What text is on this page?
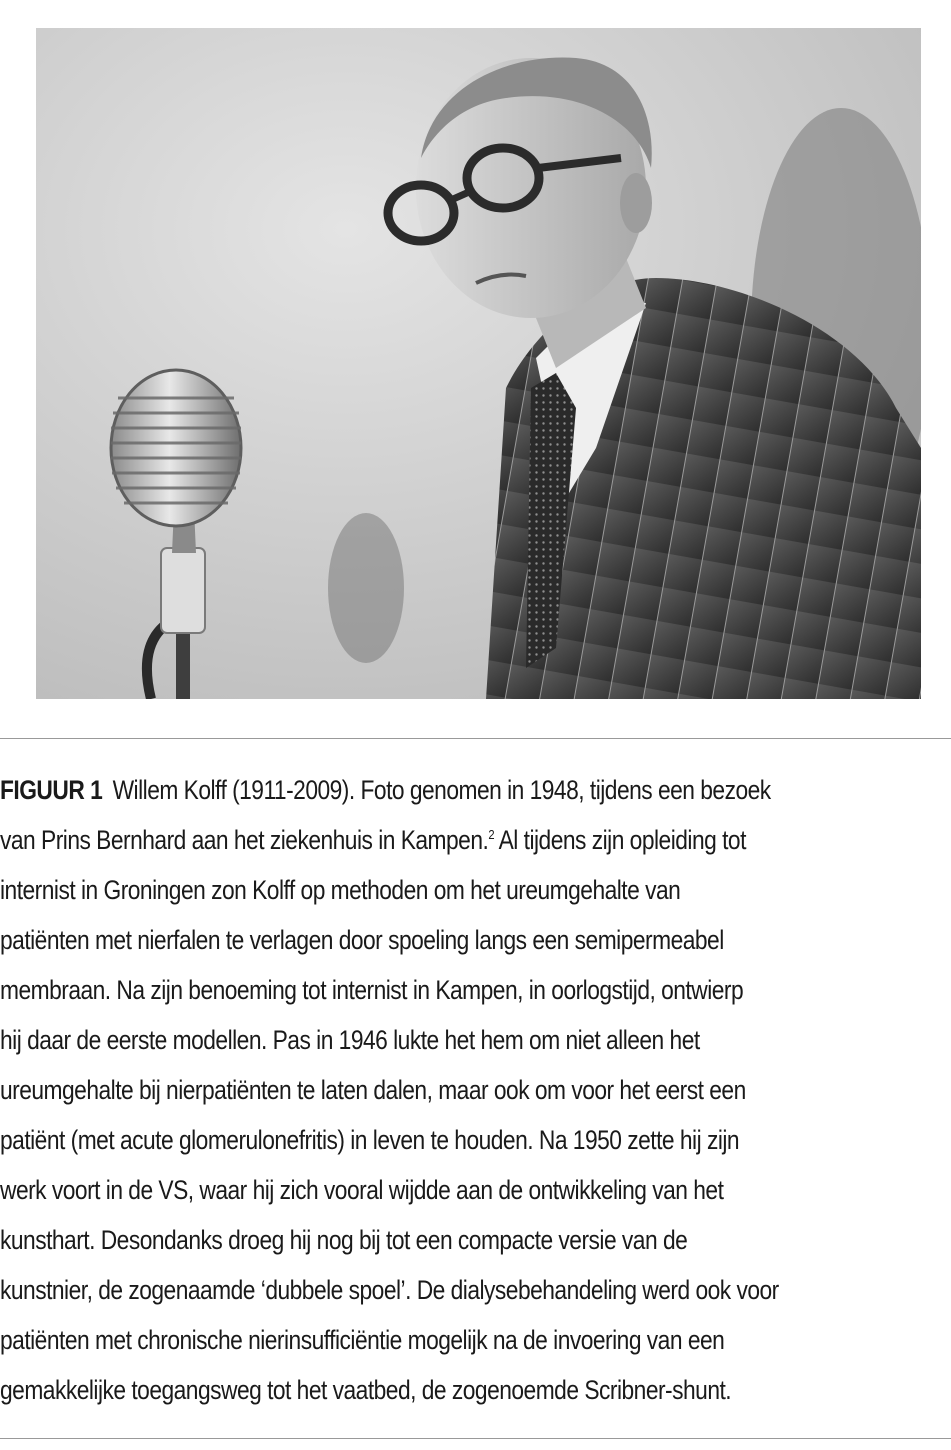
FIGUUR 1 Willem Kolff (1911-2009). Foto genomen in 1948, tijdens een bezoek
van Prins Bernhard aan het ziekenhuis in Kampen.$^2$ Al tijdens zijn opleiding tot
internist in Groningen zon Kolff op methoden om het ureumgehalte van
patiënten met nierfalen te verlagen door spoeling langs een semipermeabel
membraan. Na zijn benoeming tot internist in Kampen, in oorlogstijd, ontwierp
hij daar de eerste modellen. Pas in 1946 lukte het hem om niet alleen het
ureumgehalte bij nierpatiënten te laten dalen, maar ook om voor het eerst een
patiënt (met acute glomerulonefritis) in leven te houden. Na 1950 zette hij zijn
werk voort in de VS, waar hij zich vooral wijdde aan de ontwikkeling van het
kunsthart. Desondanks droeg hij nog bij tot een compacte versie van de
kunstnier, de zogenaamde ‘dubbele spoel’. De dialysebehandeling werd ook voor
patiënten met chronische nierinsufficiëntie mogelijk na de invoering van een
gemakkelijke toegangsweg tot het vaatbed, de zogenoemde Scribner-shunt.
